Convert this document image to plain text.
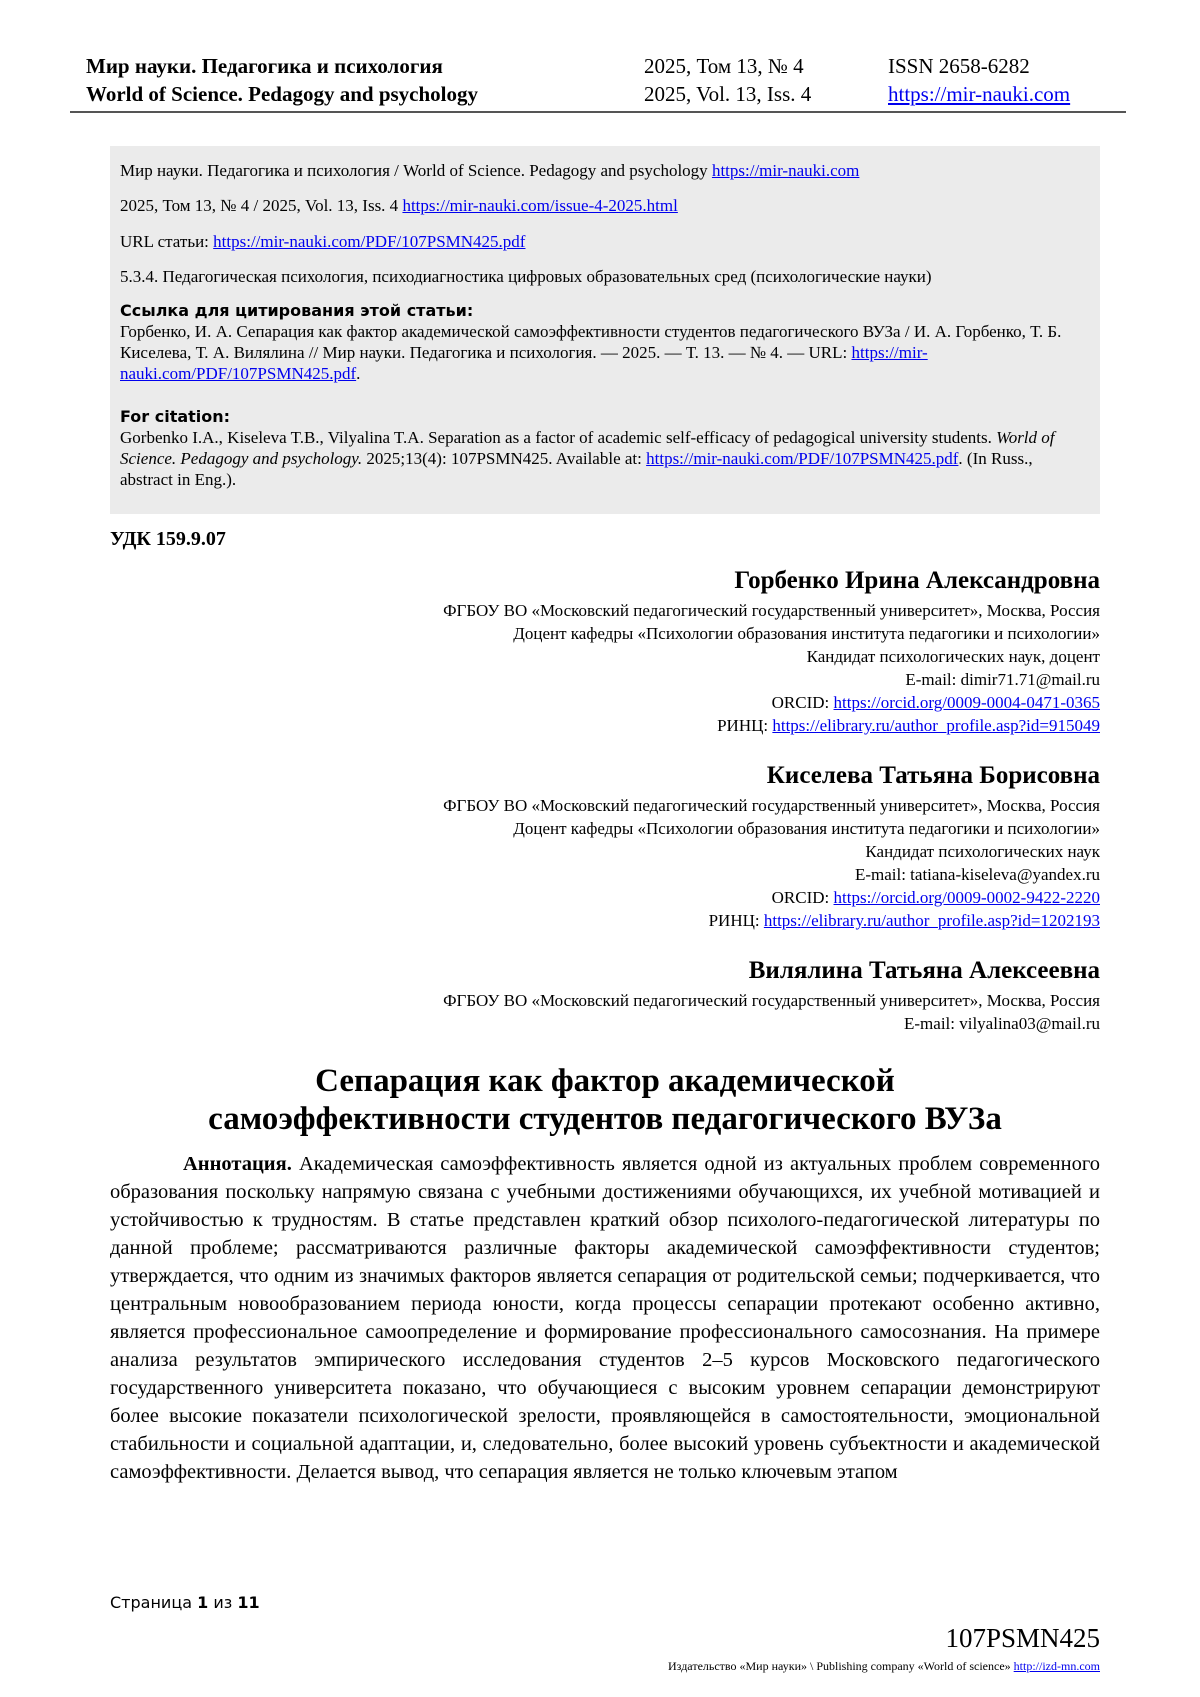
Мир науки. Педагогика и психология	2025, Том 13, № 4	ISSN 2658-6282
World of Science. Pedagogy and psychology	2025, Vol. 13, Iss. 4	https://mir-nauki.com

Мир науки. Педагогика и психология / World of Science. Pedagogy and psychology https://mir-nauki.com

2025, Том 13, № 4 / 2025, Vol. 13, Iss. 4 https://mir-nauki.com/issue-4-2025.html

URL статьи: https://mir-nauki.com/PDF/107PSMN425.pdf

5.3.4. Педагогическая психология, психодиагностика цифровых образовательных сред (психологические науки)

Ссылка для цитирования этой статьи:
Горбенко, И. А. Сепарация как фактор академической самоэффективности студентов педагогического ВУЗа / И. А. Горбенко, Т. Б. Киселева, Т. А. Вилялина // Мир науки. Педагогика и психология. — 2025. — Т. 13. — № 4. — URL: https://mir-nauki.com/PDF/107PSMN425.pdf.
For citation:
Gorbenko I.A., Kiseleva T.B., Vilyalina T.A. Separation as a factor of academic self-efficacy of pedagogical university students. World of Science. Pedagogy and psychology. 2025;13(4): 107PSMN425. Available at: https://mir-nauki.com/PDF/107PSMN425.pdf. (In Russ., abstract in Eng.).
УДК 159.9.07
Горбенко Ирина Александровна
ФГБОУ ВО «Московский педагогический государственный университет», Москва, Россия
Доцент кафедры «Психологии образования института педагогики и психологии»
Кандидат психологических наук, доцент
E-mail: dimir71.71@mail.ru
ORCID: https://orcid.org/0009-0004-0471-0365
РИНЦ: https://elibrary.ru/author_profile.asp?id=915049
Киселева Татьяна Борисовна
ФГБОУ ВО «Московский педагогический государственный университет», Москва, Россия
Доцент кафедры «Психологии образования института педагогики и психологии»
Кандидат психологических наук
E-mail: tatiana-kiseleva@yandex.ru
ORCID: https://orcid.org/0009-0002-9422-2220
РИНЦ: https://elibrary.ru/author_profile.asp?id=1202193
Вилялина Татьяна Алексеевна
ФГБОУ ВО «Московский педагогический государственный университет», Москва, Россия
E-mail: vilyalina03@mail.ru
Сепарация как фактор академической
самоэффективности студентов педагогического ВУЗа
Аннотация. Академическая самоэффективность является одной из актуальных проблем современного образования поскольку напрямую связана с учебными достижениями обучающихся, их учебной мотивацией и устойчивостью к трудностям. В статье представлен краткий обзор психолого-педагогической литературы по данной проблеме; рассматриваются различные факторы академической самоэффективности студентов; утверждается, что одним из значимых факторов является сепарация от родительской семьи; подчеркивается, что центральным новообразованием периода юности, когда процессы сепарации протекают особенно активно, является профессиональное самоопределение и формирование профессионального самосознания. На примере анализа результатов эмпирического исследования студентов 2–5 курсов Московского педагогического государственного университета показано, что обучающиеся с высоким уровнем сепарации демонстрируют более высокие показатели психологической зрелости, проявляющейся в самостоятельности, эмоциональной стабильности и социальной адаптации, и, следовательно, более высокий уровень субъектности и академической самоэффективности. Делается вывод, что сепарация является не только ключевым этапом
Страница 1 из 11
107PSMN425
Издательство «Мир науки» \ Publishing company «World of science» http://izd-mn.com
